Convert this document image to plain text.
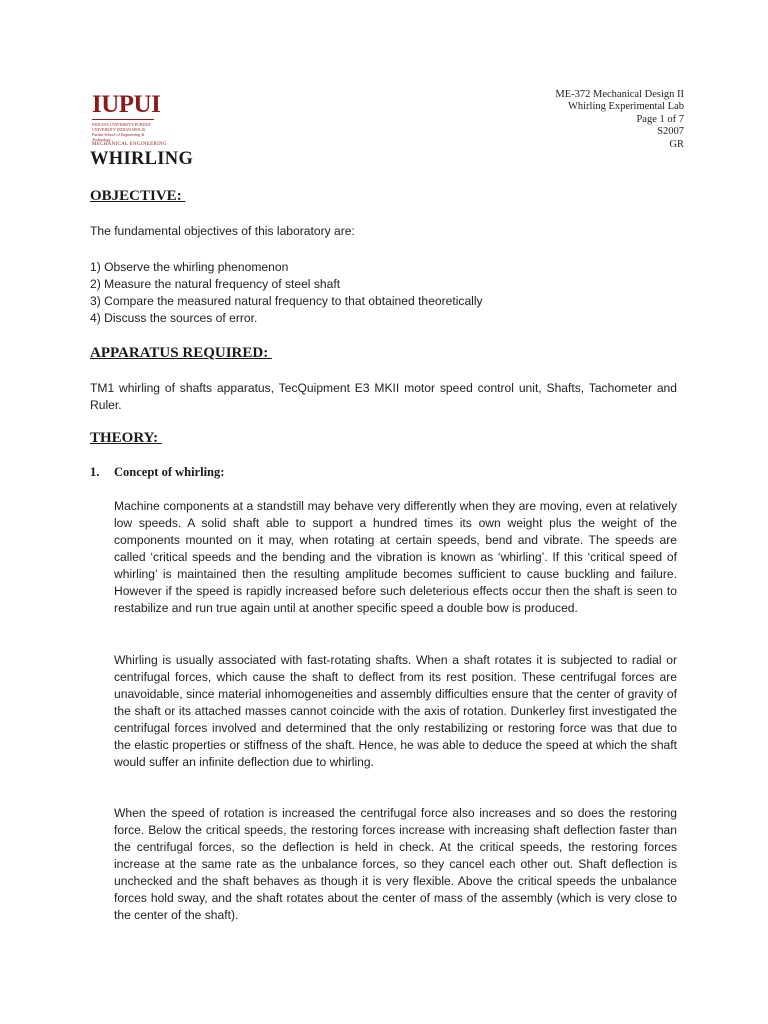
IUPUI
INDIANA UNIVERSITY-PURDUE UNIVERSITY INDIANAPOLIS
Purdue School of Engineering & Technology
MECHANICAL ENGINEERING
ME-372 Mechanical Design II
Whirling Experimental Lab
Page 1 of 7
S2007
GR
WHIRLING
OBJECTIVE:

The fundamental objectives of this laboratory are:

1) Observe the whirling phenomenon
2) Measure the natural frequency of steel shaft
3) Compare the measured natural frequency to that obtained theoretically
4) Discuss the sources of error.
APPARATUS REQUIRED:

TM1 whirling of shafts apparatus, TecQuipment E3 MKII motor speed control unit, Shafts, Tachometer and Ruler.

THEORY:

1. Concept of whirling:

Machine components at a standstill may behave very differently when they are moving, even at relatively low speeds. A solid shaft able to support a hundred times its own weight plus the weight of the components mounted on it may, when rotating at certain speeds, bend and vibrate. The speeds are called ‘critical speeds and the bending and the vibration is known as ‘whirling’. If this ‘critical speed of whirling’ is maintained then the resulting amplitude becomes sufficient to cause buckling and failure. However if the speed is rapidly increased before such deleterious effects occur then the shaft is seen to restabilize and run true again until at another specific speed a double bow is produced.

Whirling is usually associated with fast-rotating shafts. When a shaft rotates it is subjected to radial or centrifugal forces, which cause the shaft to deflect from its rest position. These centrifugal forces are unavoidable, since material inhomogeneities and assembly difficulties ensure that the center of gravity of the shaft or its attached masses cannot coincide with the axis of rotation. Dunkerley first investigated the centrifugal forces involved and determined that the only restabilizing or restoring force was that due to the elastic properties or stiffness of the shaft. Hence, he was able to deduce the speed at which the shaft would suffer an infinite deflection due to whirling.

When the speed of rotation is increased the centrifugal force also increases and so does the restoring force. Below the critical speeds, the restoring forces increase with increasing shaft deflection faster than the centrifugal forces, so the deflection is held in check. At the critical speeds, the restoring forces increase at the same rate as the unbalance forces, so they cancel each other out. Shaft deflection is unchecked and the shaft behaves as though it is very flexible. Above the critical speeds the unbalance forces hold sway, and the shaft rotates about the center of mass of the assembly (which is very close to the center of the shaft).
